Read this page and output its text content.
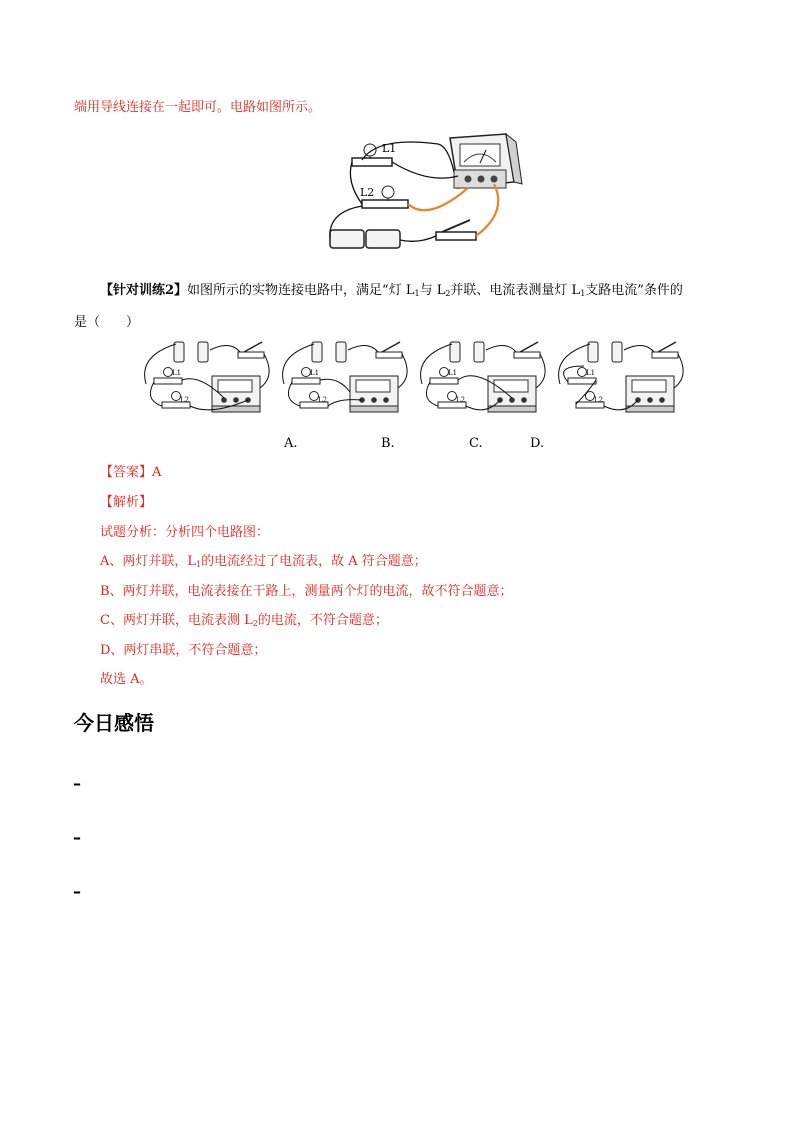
端用导线连接在一起即可。电路如图所示。
L1
L2
【针对训练2】如图所示的实物连接电路中，满足“灯 $L_1$与 $L_2$并联、电流表测量灯 $L_1$支路电流”条件的
是（　　）
L1
L2
L1
L2
L1
L2
L1
L2
A.	B.	C.	D.
【答案】A
【解析】
试题分析：分析四个电路图：
A、两灯并联，$L_1$的电流经过了电流表，故 A 符合题意；
B、两灯并联，电流表接在干路上，测量两个灯的电流，故不符合题意；
C、两灯并联，电流表测 $L_2$的电流，不符合题意；
D、两灯串联，不符合题意；
故选 A。
今日感悟
–
–
–
